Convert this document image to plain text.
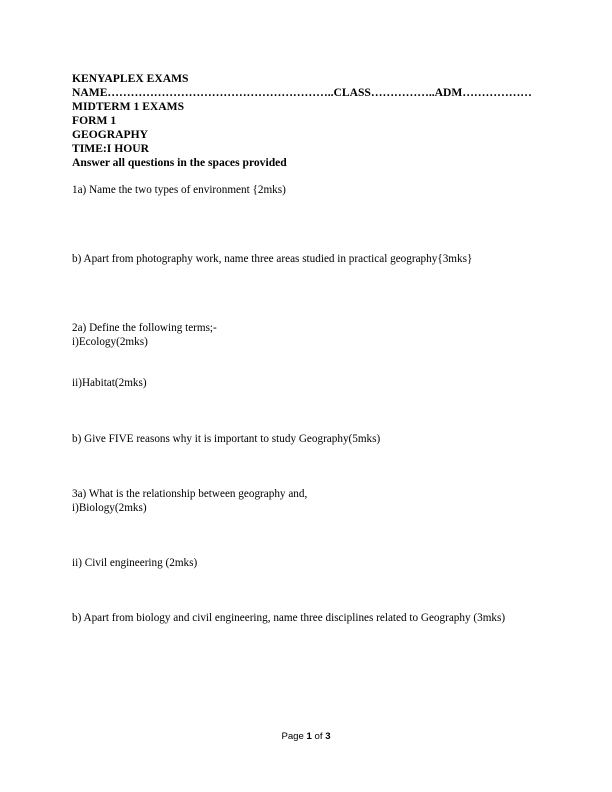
KENYAPLEX EXAMS
NAME…………………………………………………..CLASS……………..ADM………………
MIDTERM 1 EXAMS
FORM 1
GEOGRAPHY
TIME:I HOUR
Answer all questions in the spaces provided
1a) Name the two types of environment {2mks)
b) Apart from photography work, name three areas studied in practical geography{3mks}
2a) Define the following terms;-
i)Ecology(2mks)
ii)Habitat(2mks)
b) Give FIVE reasons why it is important to study Geography(5mks)
3a) What is the relationship between geography and,
i)Biology(2mks)
ii) Civil engineering (2mks)
b) Apart from biology and civil engineering, name three disciplines related to Geography (3mks)
Page 1 of 3
